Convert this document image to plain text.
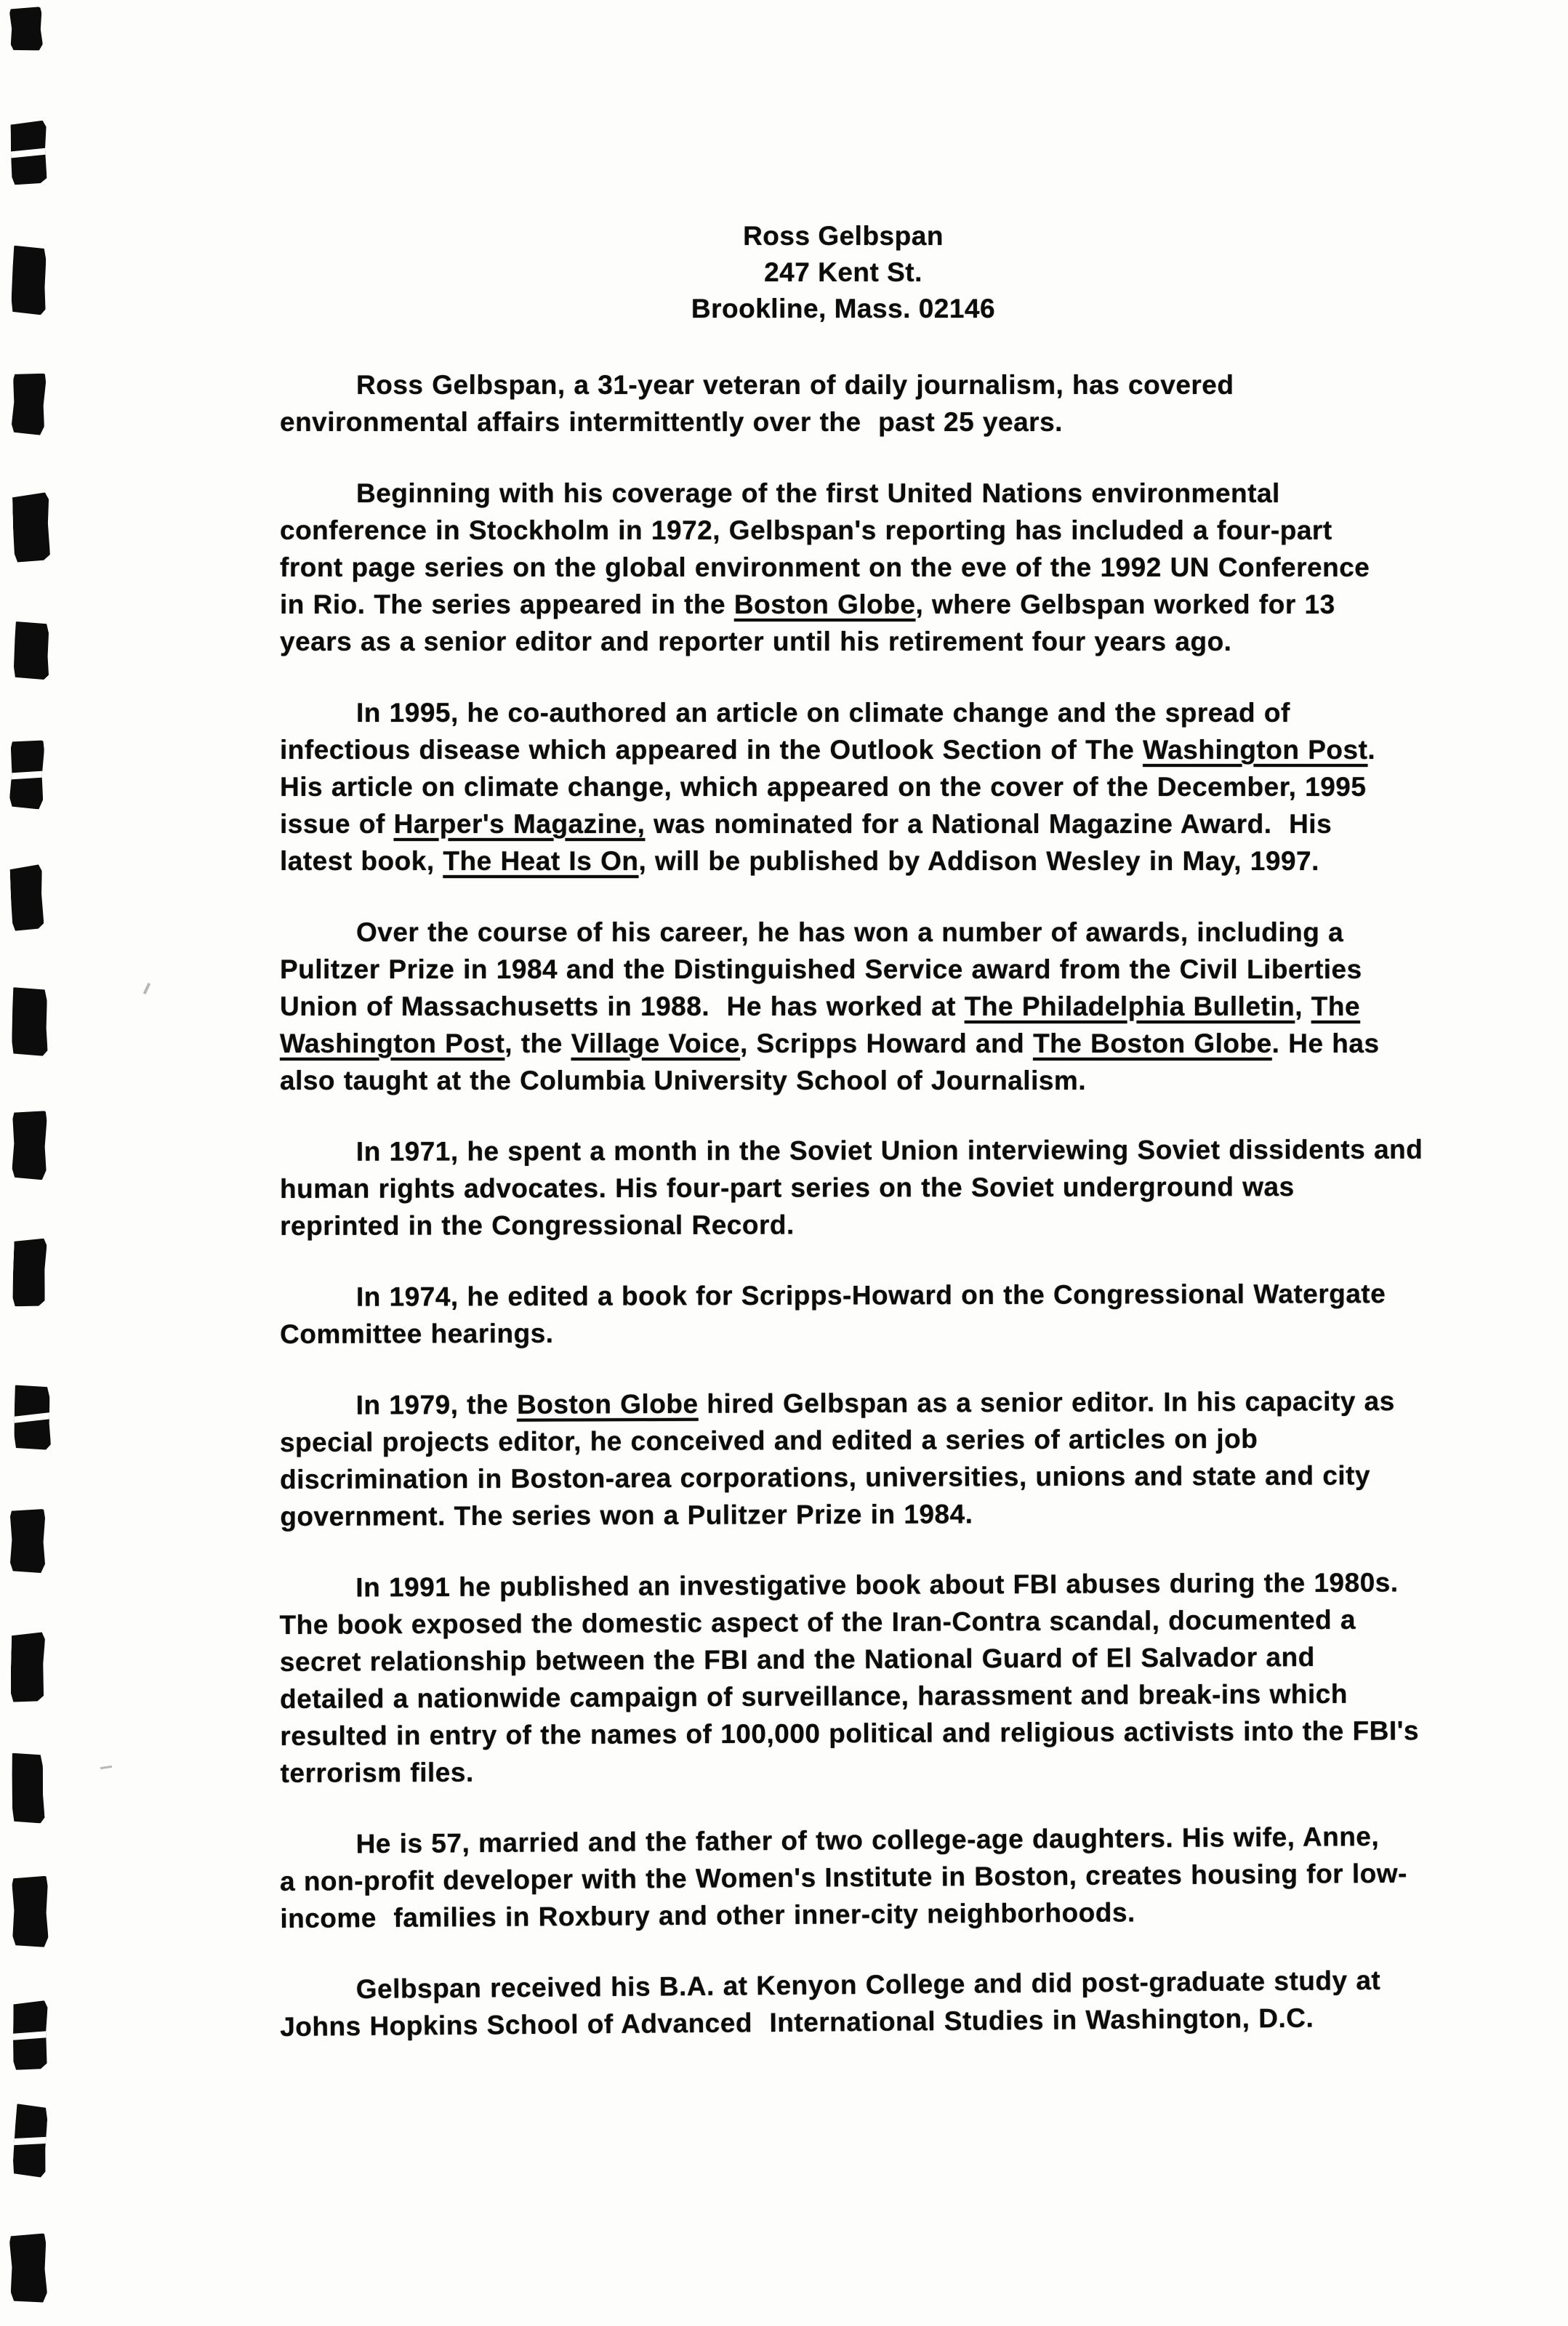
Ross Gelbspan
247 Kent St.
Brookline, Mass. 02146
Ross Gelbspan, a 31-year veteran of daily journalism, has covered
environmental affairs intermittently over the  past 25 years.
Beginning with his coverage of the first United Nations environmental
conference in Stockholm in 1972, Gelbspan's reporting has included a four-part
front page series on the global environment on the eve of the 1992 UN Conference
in Rio. The series appeared in the Boston Globe, where Gelbspan worked for 13
years as a senior editor and reporter until his retirement four years ago.
In 1995, he co-authored an article on climate change and the spread of
infectious disease which appeared in the Outlook Section of The Washington Post.
His article on climate change, which appeared on the cover of the December, 1995
issue of Harper's Magazine, was nominated for a National Magazine Award.  His
latest book, The Heat Is On, will be published by Addison Wesley in May, 1997.
Over the course of his career, he has won a number of awards, including a
Pulitzer Prize in 1984 and the Distinguished Service award from the Civil Liberties
Union of Massachusetts in 1988.  He has worked at The Philadelphia Bulletin, The
Washington Post, the Village Voice, Scripps Howard and The Boston Globe. He has
also taught at the Columbia University School of Journalism.
In 1971, he spent a month in the Soviet Union interviewing Soviet dissidents and
human rights advocates. His four-part series on the Soviet underground was
reprinted in the Congressional Record.
In 1974, he edited a book for Scripps-Howard on the Congressional Watergate
Committee hearings.
In 1979, the Boston Globe hired Gelbspan as a senior editor. In his capacity as
special projects editor, he conceived and edited a series of articles on job
discrimination in Boston-area corporations, universities, unions and state and city
government. The series won a Pulitzer Prize in 1984.
In 1991 he published an investigative book about FBI abuses during the 1980s.
The book exposed the domestic aspect of the Iran-Contra scandal, documented a
secret relationship between the FBI and the National Guard of El Salvador and
detailed a nationwide campaign of surveillance, harassment and break-ins which
resulted in entry of the names of 100,000 political and religious activists into the FBI's
terrorism files.
He is 57, married and the father of two college-age daughters. His wife, Anne,
a non-profit developer with the Women's Institute in Boston, creates housing for low-
income  families in Roxbury and other inner-city neighborhoods.
Gelbspan received his B.A. at Kenyon College and did post-graduate study at
Johns Hopkins School of Advanced  International Studies in Washington, D.C.
